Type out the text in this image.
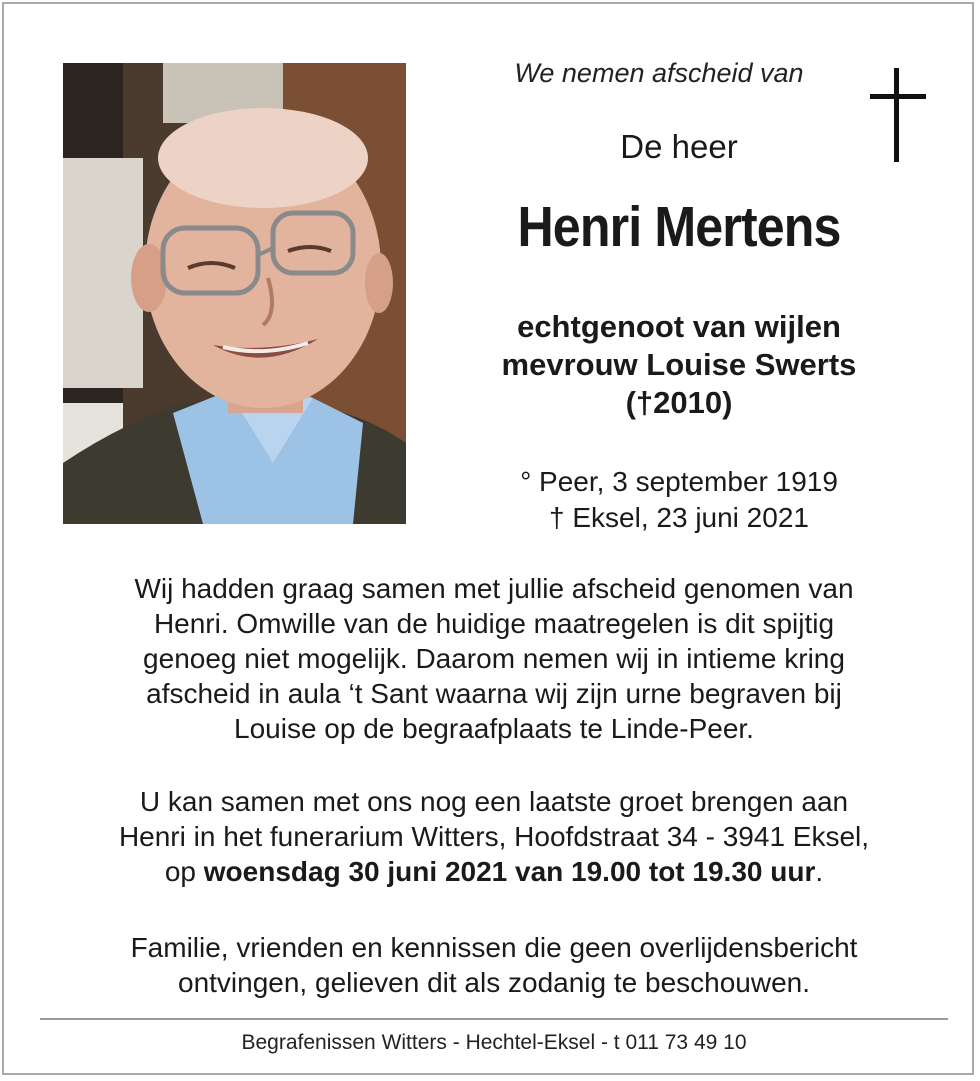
We nemen afscheid van
De heer
Henri Mertens
echtgenoot van wijlen
mevrouw Louise Swerts
(†2010)
° Peer, 3 september 1919
† Eksel, 23 juni 2021
Wij hadden graag samen met jullie afscheid genomen van
Henri. Omwille van de huidige maatregelen is dit spijtig
genoeg niet mogelijk. Daarom nemen wij in intieme kring
afscheid in aula ‘t Sant waarna wij zijn urne begraven bij
Louise op de begraafplaats te Linde-Peer.
U kan samen met ons nog een laatste groet brengen aan
Henri in het funerarium Witters, Hoofdstraat 34 - 3941 Eksel,
op woensdag 30 juni 2021 van 19.00 tot 19.30 uur.
Familie, vrienden en kennissen die geen overlijdensbericht
ontvingen, gelieven dit als zodanig te beschouwen.
Begrafenissen Witters - Hechtel-Eksel - t 011 73 49 10
